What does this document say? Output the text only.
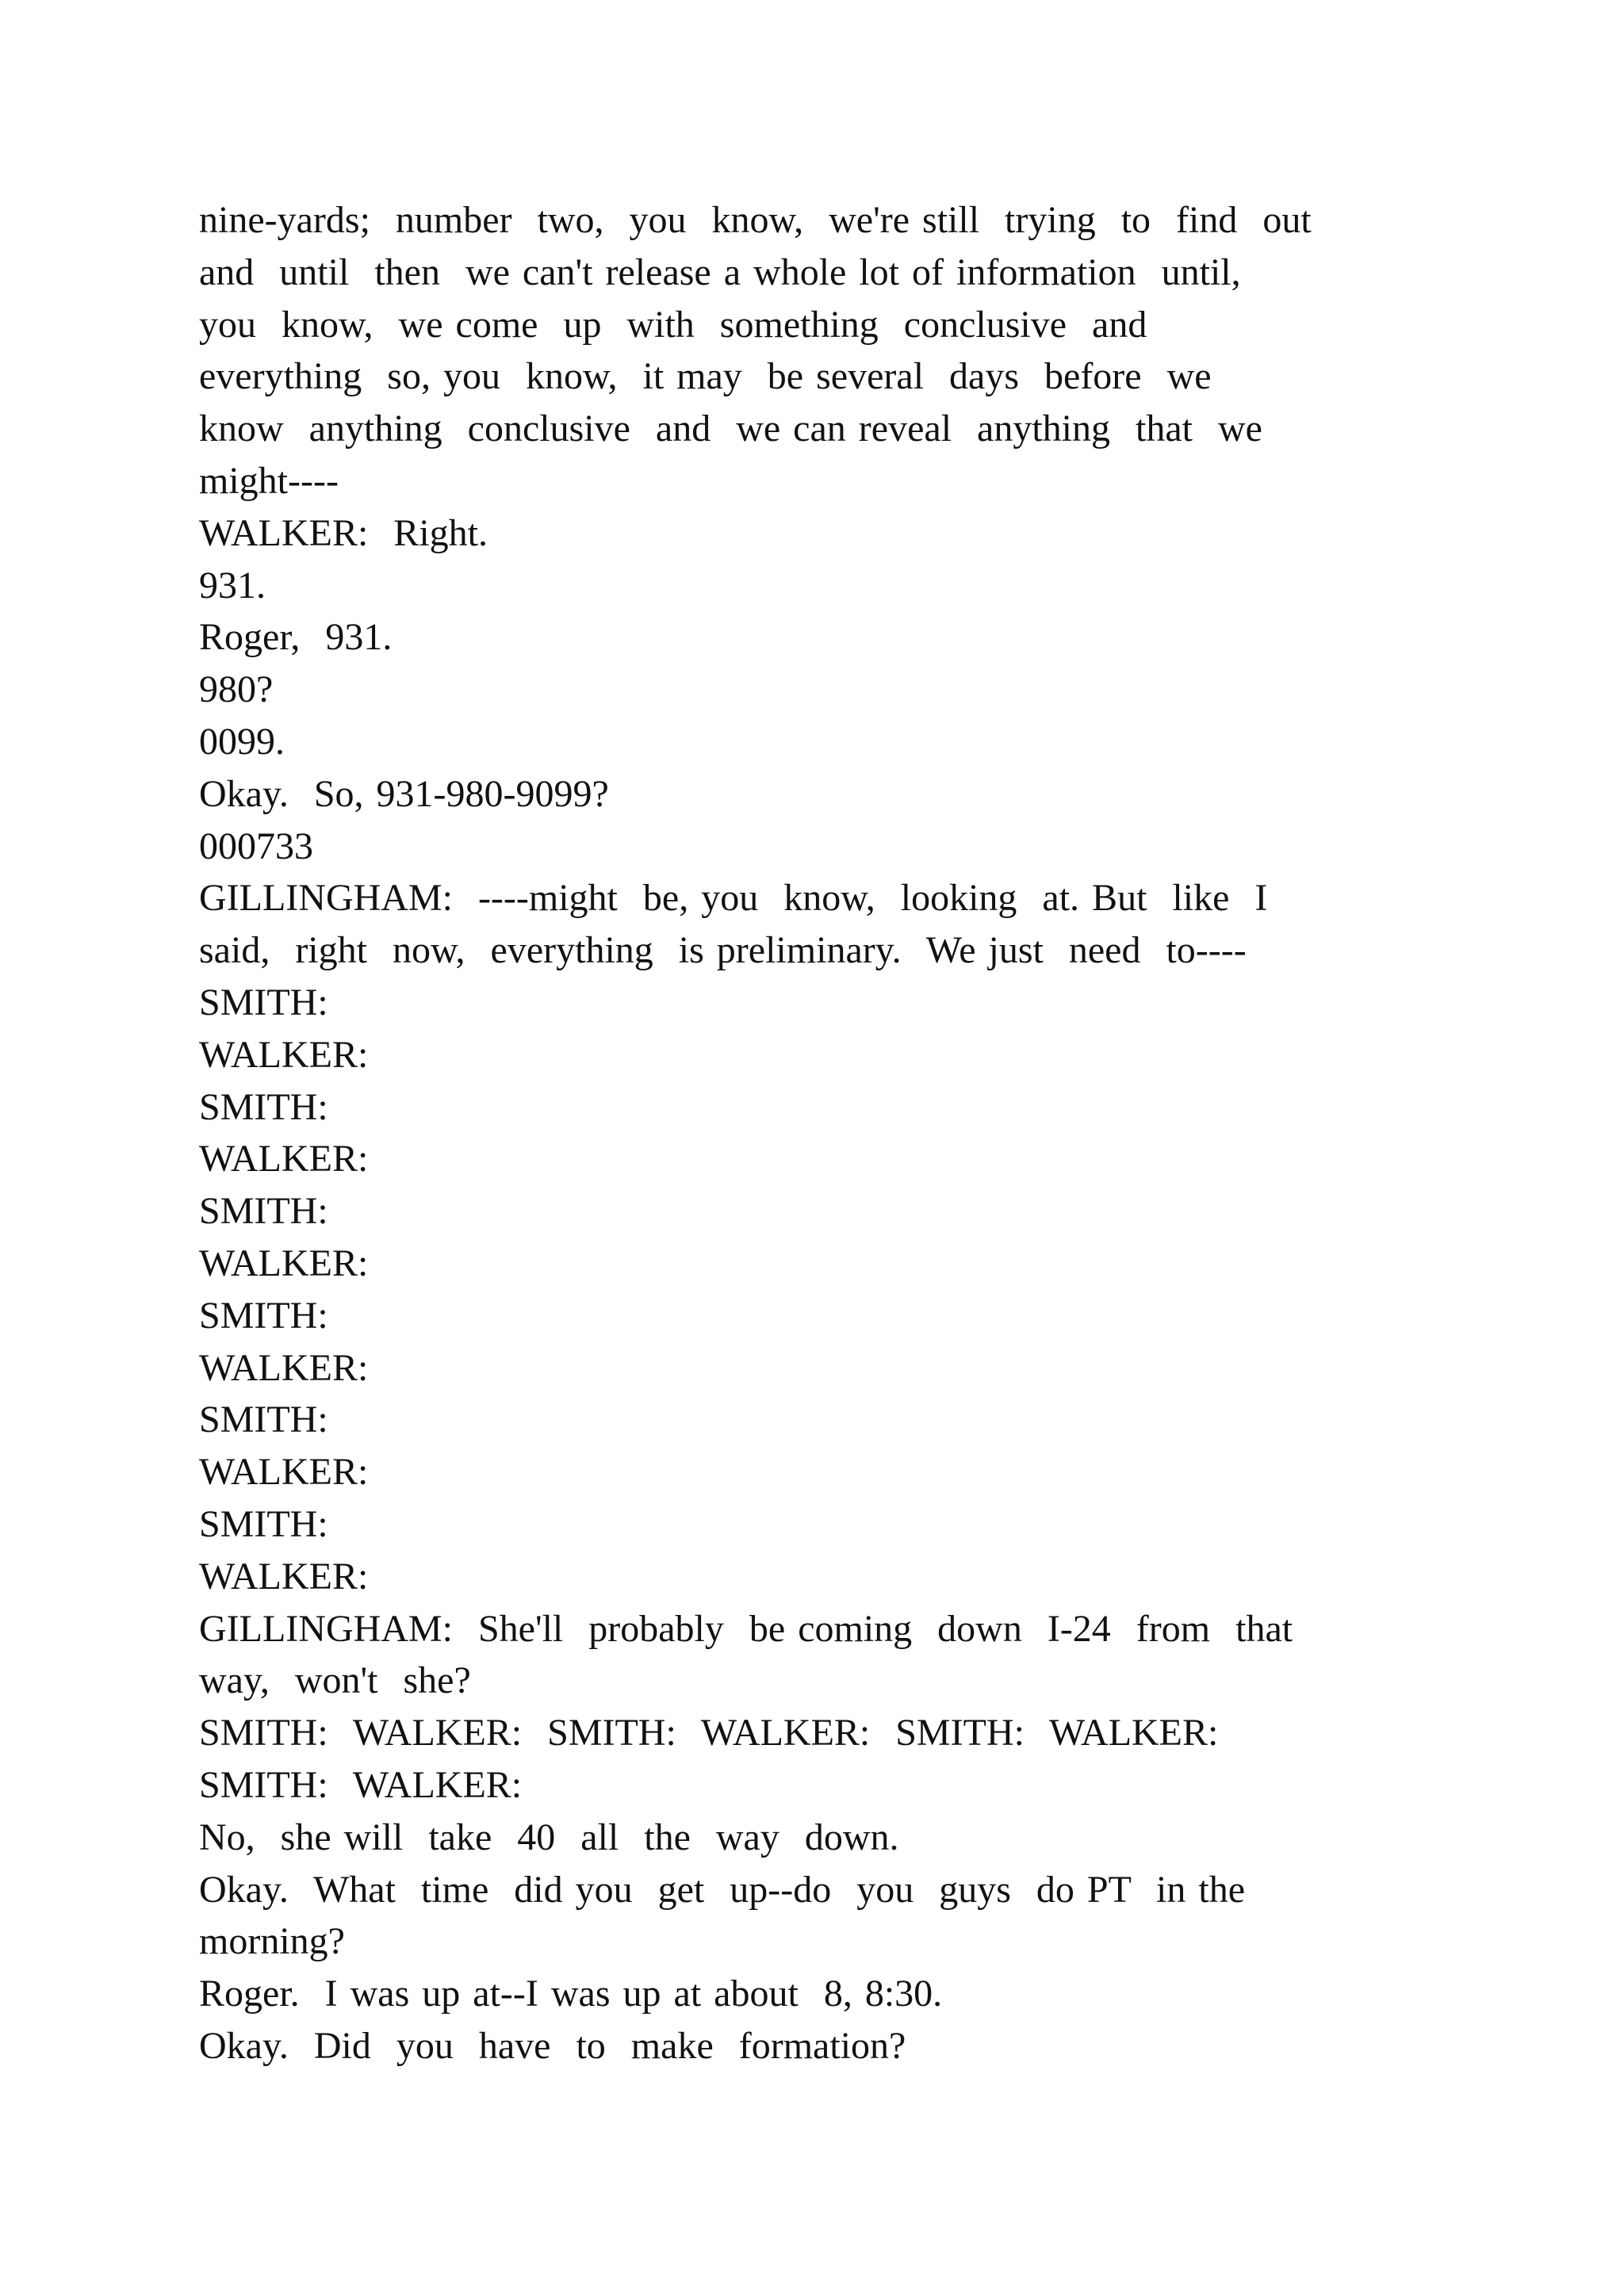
nine-yards;  number  two,  you  know,  we're still  trying  to  find  out
and  until  then  we can't release a whole lot of information  until,
you  know,  we come  up  with  something  conclusive  and
everything  so, you  know,  it may  be several  days  before  we
know  anything  conclusive  and  we can reveal  anything  that  we
might----
WALKER:  Right.
931.
Roger,  931.
980?
0099.
Okay.  So, 931-980-9099?
000733
GILLINGHAM:  ----might  be, you  know,  looking  at. But  like  I
said,  right  now,  everything  is preliminary.  We just  need  to----
SMITH:
WALKER:
SMITH:
WALKER:
SMITH:
WALKER:
SMITH:
WALKER:
SMITH:
WALKER:
SMITH:
WALKER:
GILLINGHAM:  She'll  probably  be coming  down  I-24  from  that
way,  won't  she?
SMITH:  WALKER:  SMITH:  WALKER:  SMITH:  WALKER:
SMITH:  WALKER:
No,  she will  take  40  all  the  way  down.
Okay.  What  time  did you  get  up--do  you  guys  do PT  in the
morning?
Roger.  I was up at--I was up at about  8, 8:30.
Okay.  Did  you  have  to  make  formation?
